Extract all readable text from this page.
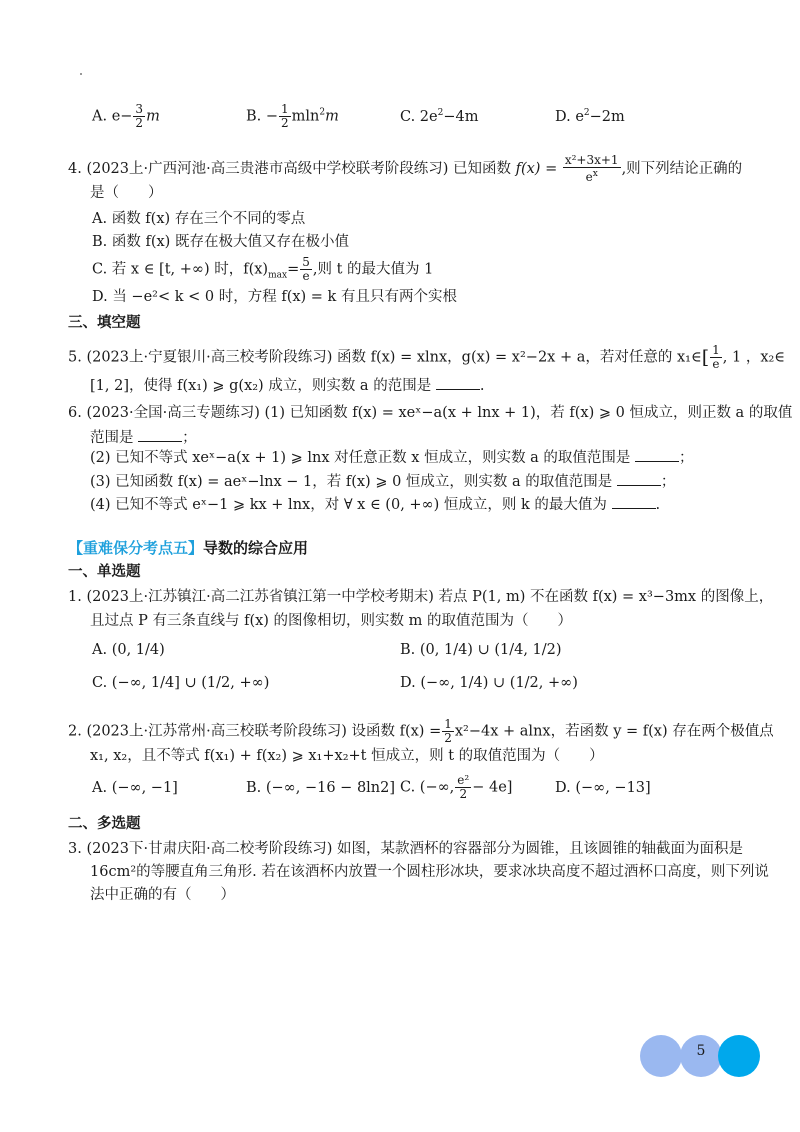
A. $e- \frac{3}{2}$ m	B. − $\frac{1}{2} mln^2m$	C. $2e^2-4m$	D. $e^2-2m$
4. (2023上·广西河池·高三贵港市高级中学校联考阶段练习) 已知函数 $f(x) = \frac{\text{x²+3x+1}}{e^x}$ ,则下列结论正确的
是（　　）
A. 函数 f(x) 存在三个不同的零点
B. 函数 f(x) 既存在极大值又存在极小值
C. 若 x ∈ [t, +∞) 时，$f(x)_{max}= \frac{5}{e}$ ,则 t 的最大值为 1
D. 当 −e²< k < 0 时，方程 f(x) = k 有且只有两个实根
三、填空题
5. (2023上·宁夏银川·高三校考阶段练习) 函数 f(x) = xlnx，g(x) = x²−2x + a，若对任意的 x₁∈[ $\frac{1}{e}$ , 1 ，x₂∈
[1, 2]，使得 f(x₁) ⩾ g(x₂) 成立，则实数 a 的范围是	.
6. (2023·全国·高三专题练习) (1) 已知函数 f(x) = xeˣ−a(x + lnx + 1)，若 f(x) ⩾ 0 恒成立，则正数 a 的取值
范围是	；
(2) 已知不等式 xeˣ−a(x + 1) ⩾ lnx 对任意正数 x 恒成立，则实数 a 的取值范围是	；
(3) 已知函数 f(x) = aeˣ−lnx − 1，若 f(x) ⩾ 0 恒成立，则实数 a 的取值范围是	；
(4) 已知不等式 eˣ−1 ⩾ kx + lnx，对 ∀ x ∈ (0, +∞) 恒成立，则 k 的最大值为	.
【重难保分考点五】导数的综合应用
一、单选题
1. (2023上·江苏镇江·高二江苏省镇江第一中学校考期末) 若点 P(1, m) 不在函数 f(x) = x³−3mx 的图像上，
且过点 P 有三条直线与 f(x) 的图像相切，则实数 m 的取值范围为（　　）
A. (0, 1/4)	B. (0, 1/4) ∪ (1/4, 1/2)
C. (−∞, 1/4] ∪ (1/2, +∞)	D. (−∞, 1/4) ∪ (1/2, +∞)
2. (2023上·江苏常州·高三校联考阶段练习) 设函数 $f(x) = \frac{1}{2} x^2-4x + alnx$，若函数 y = f(x) 存在两个极值点
x₁, x₂，且不等式 f(x₁) + f(x₂) ⩾ x₁+x₂+t 恒成立，则 t 的取值范围为（　　）
A. (−∞, −1]	B. (−∞, −16 − 8ln2] C. (−∞, $\frac{\text{e²}}{2} - 4e$]	D. (−∞, −13]
二、多选题
3. (2023下·甘肃庆阳·高二校考阶段练习) 如图，某款酒杯的容器部分为圆锥，且该圆锥的轴截面为面积是
16cm²的等腰直角三角形. 若在该酒杯内放置一个圆柱形冰块，要求冰块高度不超过酒杯口高度，则下列说
法中正确的有（　　）
5
